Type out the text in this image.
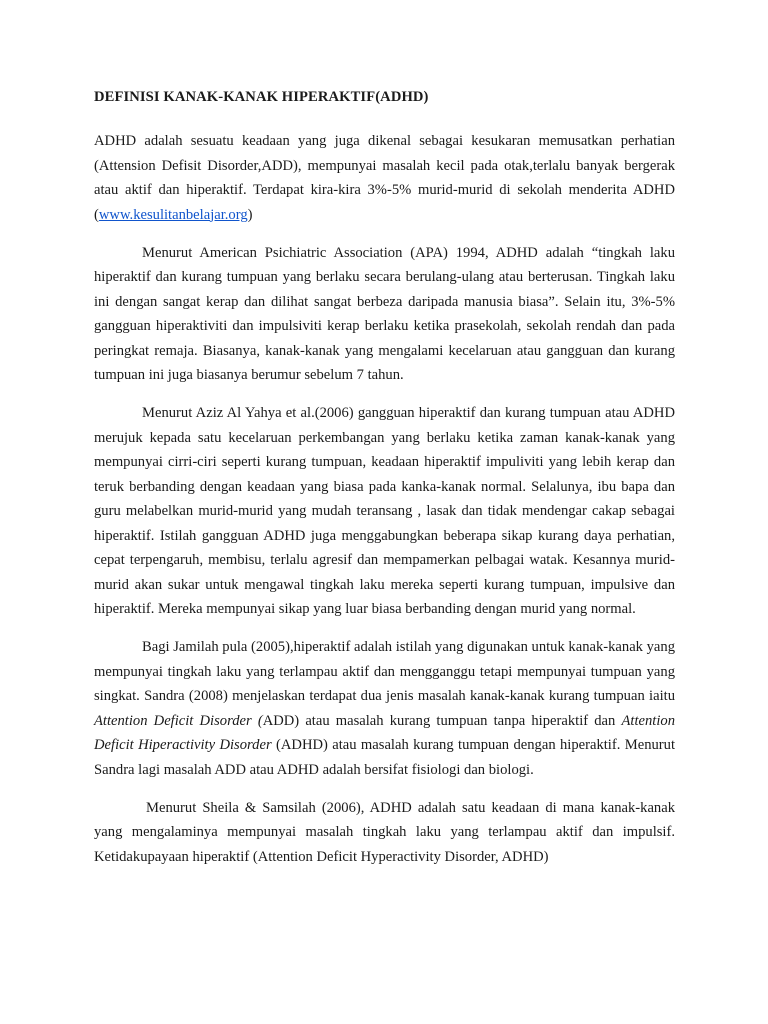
DEFINISI KANAK-KANAK HIPERAKTIF(ADHD)

ADHD adalah sesuatu keadaan yang juga dikenal sebagai kesukaran memusatkan perhatian (Attension Defisit Disorder,ADD), mempunyai masalah kecil pada otak,terlalu banyak bergerak atau aktif dan hiperaktif. Terdapat kira-kira 3%-5% murid-murid di sekolah menderita ADHD (www.kesulitanbelajar.org)

Menurut American Psichiatric Association (APA) 1994, ADHD adalah “tingkah laku hiperaktif dan kurang tumpuan yang berlaku secara berulang-ulang atau berterusan. Tingkah laku ini dengan sangat kerap dan dilihat sangat berbeza daripada manusia biasa”. Selain itu, 3%-5% gangguan hiperaktiviti dan impulsiviti kerap berlaku ketika prasekolah, sekolah rendah dan pada peringkat remaja. Biasanya, kanak-kanak yang mengalami kecelaruan atau gangguan dan kurang tumpuan ini juga biasanya berumur sebelum 7 tahun.

Menurut Aziz Al Yahya et al.(2006) gangguan hiperaktif dan kurang tumpuan atau ADHD merujuk kepada satu kecelaruan perkembangan yang berlaku ketika zaman kanak-kanak yang mempunyai cirri-ciri seperti kurang tumpuan, keadaan hiperaktif impuliviti yang lebih kerap dan teruk berbanding dengan keadaan yang biasa pada kanka-kanak normal. Selalunya, ibu bapa dan guru melabelkan murid-murid yang mudah teransang , lasak dan tidak mendengar cakap sebagai hiperaktif. Istilah gangguan ADHD juga menggabungkan beberapa sikap kurang daya perhatian, cepat terpengaruh, membisu, terlalu agresif dan mempamerkan pelbagai watak. Kesannya murid-murid akan sukar untuk mengawal tingkah laku mereka seperti kurang tumpuan, impulsive dan hiperaktif. Mereka mempunyai sikap yang luar biasa berbanding dengan murid yang normal.

Bagi Jamilah pula (2005),hiperaktif adalah istilah yang digunakan untuk kanak-kanak yang mempunyai tingkah laku yang terlampau aktif dan mengganggu tetapi mempunyai tumpuan yang singkat. Sandra (2008) menjelaskan terdapat dua jenis masalah kanak-kanak kurang tumpuan iaitu Attention Deficit Disorder (ADD) atau masalah kurang tumpuan tanpa hiperaktif dan Attention Deficit Hiperactivity Disorder (ADHD) atau masalah kurang tumpuan dengan hiperaktif. Menurut Sandra lagi masalah ADD atau ADHD adalah bersifat fisiologi dan biologi.

Menurut Sheila & Samsilah (2006), ADHD adalah satu keadaan di mana kanak-kanak yang mengalaminya mempunyai masalah tingkah laku yang terlampau aktif dan impulsif. Ketidakupayaan hiperaktif (Attention Deficit Hyperactivity Disorder, ADHD)
